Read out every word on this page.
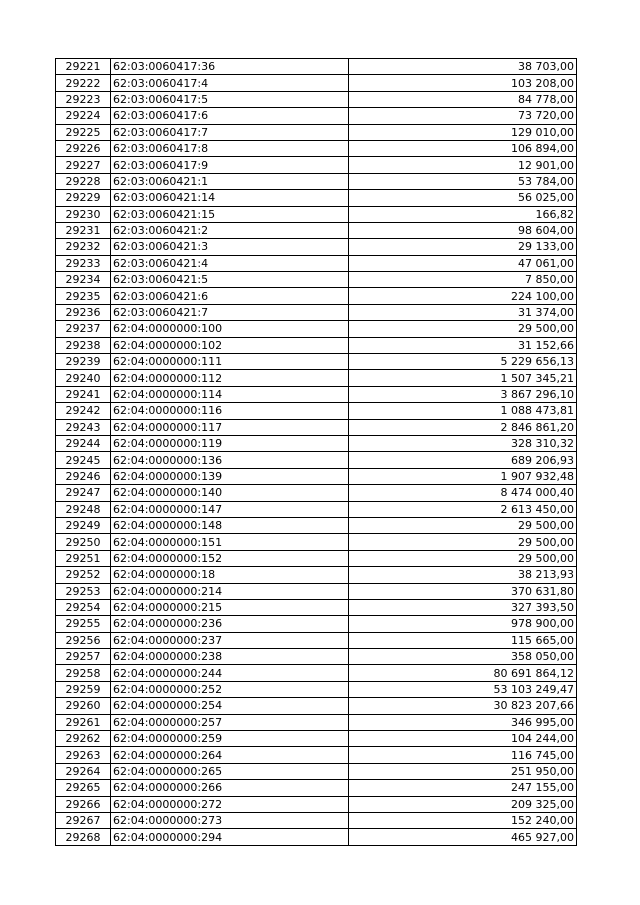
29221	62:03:0060417:36	38 703,00
29222	62:03:0060417:4	103 208,00
29223	62:03:0060417:5	84 778,00
29224	62:03:0060417:6	73 720,00
29225	62:03:0060417:7	129 010,00
29226	62:03:0060417:8	106 894,00
29227	62:03:0060417:9	12 901,00
29228	62:03:0060421:1	53 784,00
29229	62:03:0060421:14	56 025,00
29230	62:03:0060421:15	166,82
29231	62:03:0060421:2	98 604,00
29232	62:03:0060421:3	29 133,00
29233	62:03:0060421:4	47 061,00
29234	62:03:0060421:5	7 850,00
29235	62:03:0060421:6	224 100,00
29236	62:03:0060421:7	31 374,00
29237	62:04:0000000:100	29 500,00
29238	62:04:0000000:102	31 152,66
29239	62:04:0000000:111	5 229 656,13
29240	62:04:0000000:112	1 507 345,21
29241	62:04:0000000:114	3 867 296,10
29242	62:04:0000000:116	1 088 473,81
29243	62:04:0000000:117	2 846 861,20
29244	62:04:0000000:119	328 310,32
29245	62:04:0000000:136	689 206,93
29246	62:04:0000000:139	1 907 932,48
29247	62:04:0000000:140	8 474 000,40
29248	62:04:0000000:147	2 613 450,00
29249	62:04:0000000:148	29 500,00
29250	62:04:0000000:151	29 500,00
29251	62:04:0000000:152	29 500,00
29252	62:04:0000000:18	38 213,93
29253	62:04:0000000:214	370 631,80
29254	62:04:0000000:215	327 393,50
29255	62:04:0000000:236	978 900,00
29256	62:04:0000000:237	115 665,00
29257	62:04:0000000:238	358 050,00
29258	62:04:0000000:244	80 691 864,12
29259	62:04:0000000:252	53 103 249,47
29260	62:04:0000000:254	30 823 207,66
29261	62:04:0000000:257	346 995,00
29262	62:04:0000000:259	104 244,00
29263	62:04:0000000:264	116 745,00
29264	62:04:0000000:265	251 950,00
29265	62:04:0000000:266	247 155,00
29266	62:04:0000000:272	209 325,00
29267	62:04:0000000:273	152 240,00
29268	62:04:0000000:294	465 927,00
